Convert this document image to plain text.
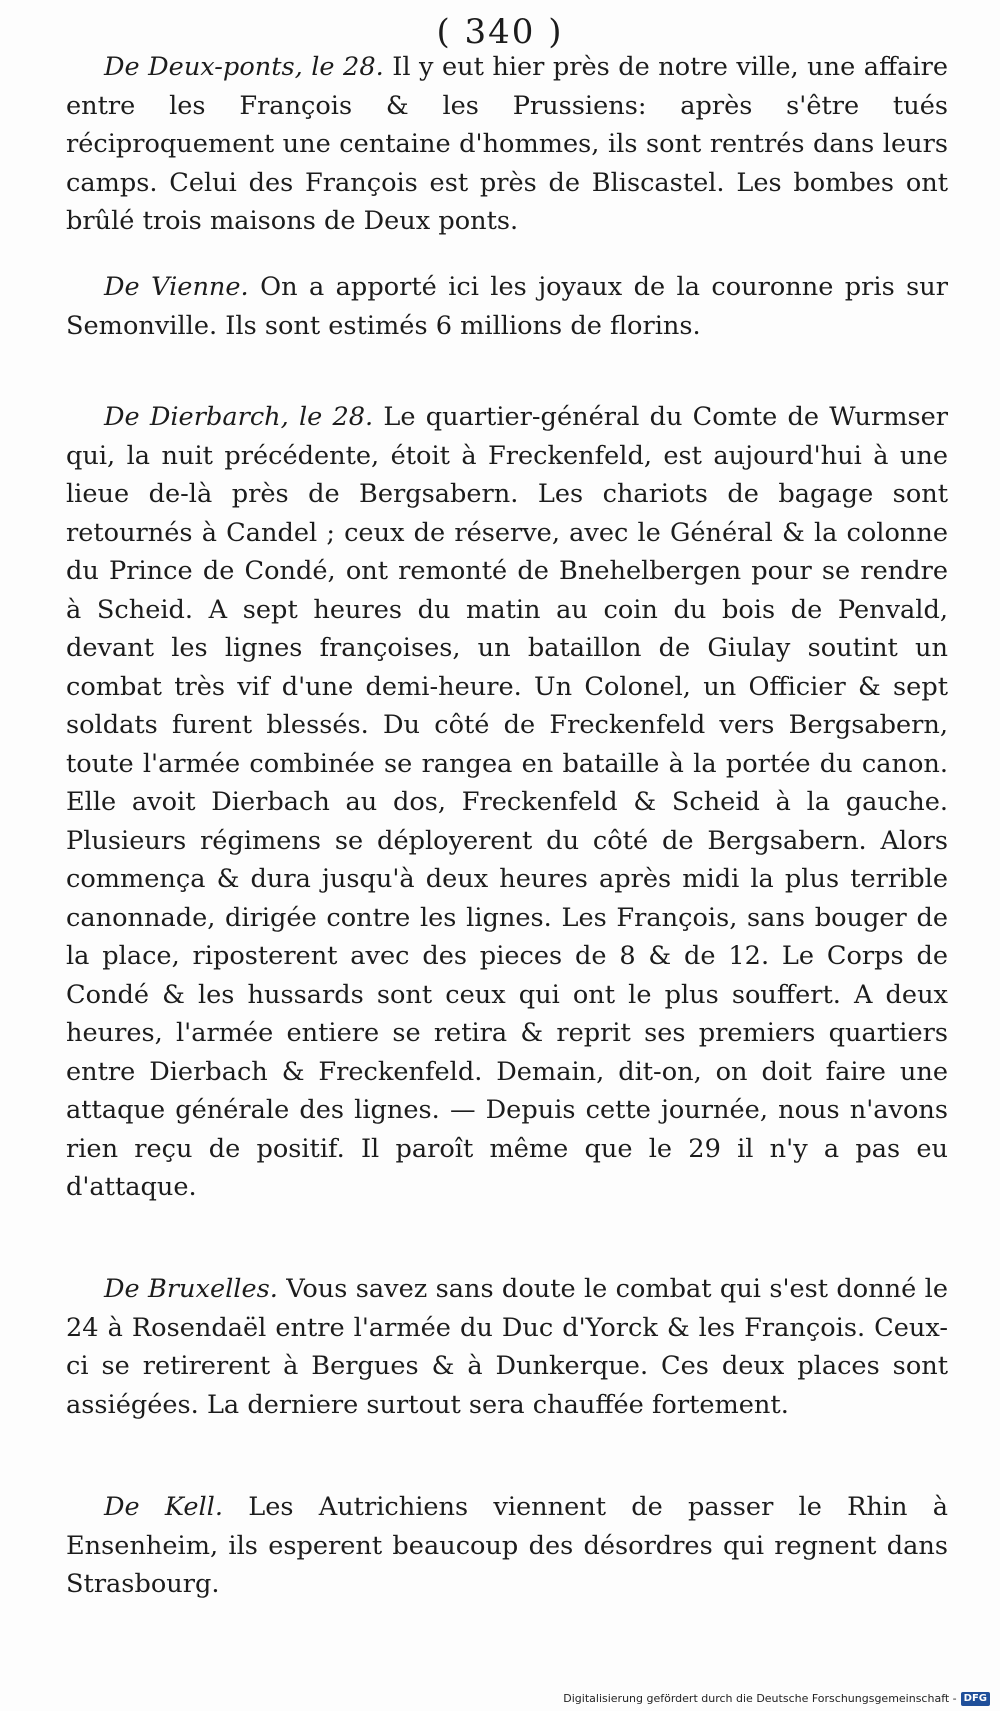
( 340 )

De Deux-ponts, le 28. Il y eut hier près de notre ville, une affaire entre les François & les Prussiens: après s'être tués réciproquement une centaine d'hommes, ils sont rentrés dans leurs camps. Celui des François est près de Bliscastel. Les bombes ont brûlé trois maisons de Deux ponts.

De Vienne. On a apporté ici les joyaux de la couronne pris sur Semonville. Ils sont estimés 6 millions de florins.

De Dierbarch, le 28. Le quartier-général du Comte de Wurmser qui, la nuit précédente, étoit à Freckenfeld, est aujourd'hui à une lieue de-là près de Bergsabern. Les chariots de bagage sont retournés à Candel ; ceux de réserve, avec le Général & la colonne du Prince de Condé, ont remonté de Bnehelbergen pour se rendre à Scheid. A sept heures du matin au coin du bois de Penvald, devant les lignes françoises, un bataillon de Giulay soutint un combat très vif d'une demi-heure. Un Colonel, un Officier & sept soldats furent blessés. Du côté de Freckenfeld vers Bergsabern, toute l'armée combinée se rangea en bataille à la portée du canon. Elle avoit Dierbach au dos, Freckenfeld & Scheid à la gauche. Plusieurs régimens se déployerent du côté de Bergsabern. Alors commença & dura jusqu'à deux heures après midi la plus terrible canonnade, dirigée contre les lignes. Les François, sans bouger de la place, riposterent avec des pieces de 8 & de 12. Le Corps de Condé & les hussards sont ceux qui ont le plus souffert. A deux heures, l'armée entiere se retira & reprit ses premiers quartiers entre Dierbach & Freckenfeld. Demain, dit-on, on doit faire une attaque générale des lignes. — Depuis cette journée, nous n'avons rien reçu de positif. Il paroît même que le 29 il n'y a pas eu d'attaque.

De Bruxelles. Vous savez sans doute le combat qui s'est donné le 24 à Rosendaël entre l'armée du Duc d'Yorck & les François. Ceux-ci se retirerent à Bergues & à Dunkerque. Ces deux places sont assiégées. La derniere surtout sera chauffée fortement.

De Kell. Les Autrichiens viennent de passer le Rhin à Ensenheim, ils esperent beaucoup des désordres qui regnent dans Strasbourg.

Digitalisierung gefördert durch die Deutsche Forschungsgemeinschaft - DFG
